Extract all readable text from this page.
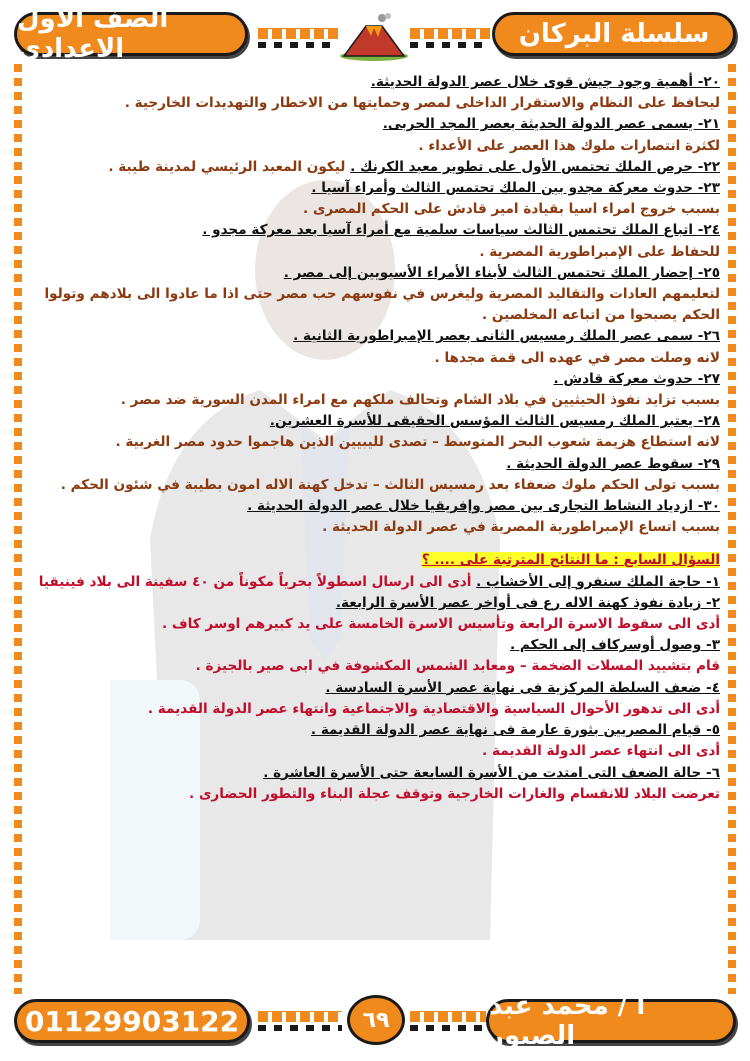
سلسلة البركان
الصف الاول الاعدادى
٢٠- أهمية وجود جيش قوى خلال عصر الدولة الحديثة.
ليحافظ على النظام والاستقرار الداخلى لمصر وحمايتها من الاخطار والتهديدات الخارجية .
٢١- يسمى عصر الدولة الحديثة بعصر المجد الحربى.
لكثرة انتصارات ملوك هذا العصر على الأعداء .
٢٢- حرص الملك تحتمس الأول على تطوير معبد الكرنك . ليكون المعبد الرئيسي لمدينة طيبة .
٢٣- حدوث معركة مجدو بين الملك تحتمس الثالث وأمراء آسيا .
بسبب خروج امراء اسيا بقيادة امير قادش على الحكم المصرى .
٢٤- اتباع الملك تحتمس الثالث سياسات سلمية مع أمراء آسيا بعد معركة مجدو .
للحفاظ على الإمبراطورية المصرية .
٢٥- إحضار الملك تحتمس الثالث لأبناء الأمراء الأسيويين إلى مصر .
لتعليمهم العادات والتقاليد المصرية وليغرس في نفوسهم حب مصر حتى اذا ما عادوا الى بلادهم وتولوا
الحكم يصبحوا من اتباعه المخلصين .
٢٦- سمى عصر الملك رمسيس الثانى بعصر الإمبراطورية الثانية .
لانه وصلت مصر في عهده الى قمة مجدها .
٢٧- حدوث معركة قادش .
بسبب تزايد نفوذ الحيثيين في بلاد الشام وتحالف ملكهم مع امراء المدن السورية ضد مصر .
٢٨- يعتبر الملك رمسيس الثالث المؤسس الحقيقى للأسرة العشرين.
لانه استطاع هزيمة شعوب البحر المتوسط – تصدى لليبيين الذين هاجموا حدود مصر الغربية .
٢٩- سقوط عصر الدولة الحديثة .
بسبب تولى الحكم ملوك ضعفاء بعد رمسيس الثالث – تدخل كهنة الاله امون بطيبة في شئون الحكم .
٣٠- ازدياد النشاط التجارى بين مصر وإفريقيا خلال عصر الدولة الحديثة .
بسبب اتساع الإمبراطورية المصرية في عصر الدولة الحديثة .
السؤال السابع : ما النتائج المترتبة على .... ؟
١- حاجة الملك سنفرو إلى الأخشاب . أدى الى ارسال اسطولاً بحرياً مكوناً من ٤٠ سفينة الى بلاد فينيقيا
٢- زيادة نفوذ كهنة الاله رع فى أواخر عصر الأسرة الرابعة.
أدى الى سقوط الاسرة الرابعة وتأسيس الاسرة الخامسة على يد كبيرهم اوسر كاف .
٣- وصول أوسركاف إلى الحكم .
قام بتشييد المسلات الضخمة – ومعابد الشمس المكشوفة في ابى صير بالجيزة .
٤- ضعف السلطة المركزية فى نهاية عصر الأسرة السادسة .
أدى الى تدهور الأحوال السياسية والاقتصادية والاجتماعية وانتهاء عصر الدولة القديمة .
٥- قيام المصريين بثورة عارمة فى نهاية عصر الدولة القديمة .
أدى الى انتهاء عصر الدولة القديمة .
٦- حالة الضعف التى امتدت من الأسرة السابعة حتى الأسرة العاشرة .
تعرضت البلاد للانقسام والغارات الخارجية وتوقف عجلة البناء والتطور الحضارى .
أ / محمد عبد الصبور
01129903122	٦٩
